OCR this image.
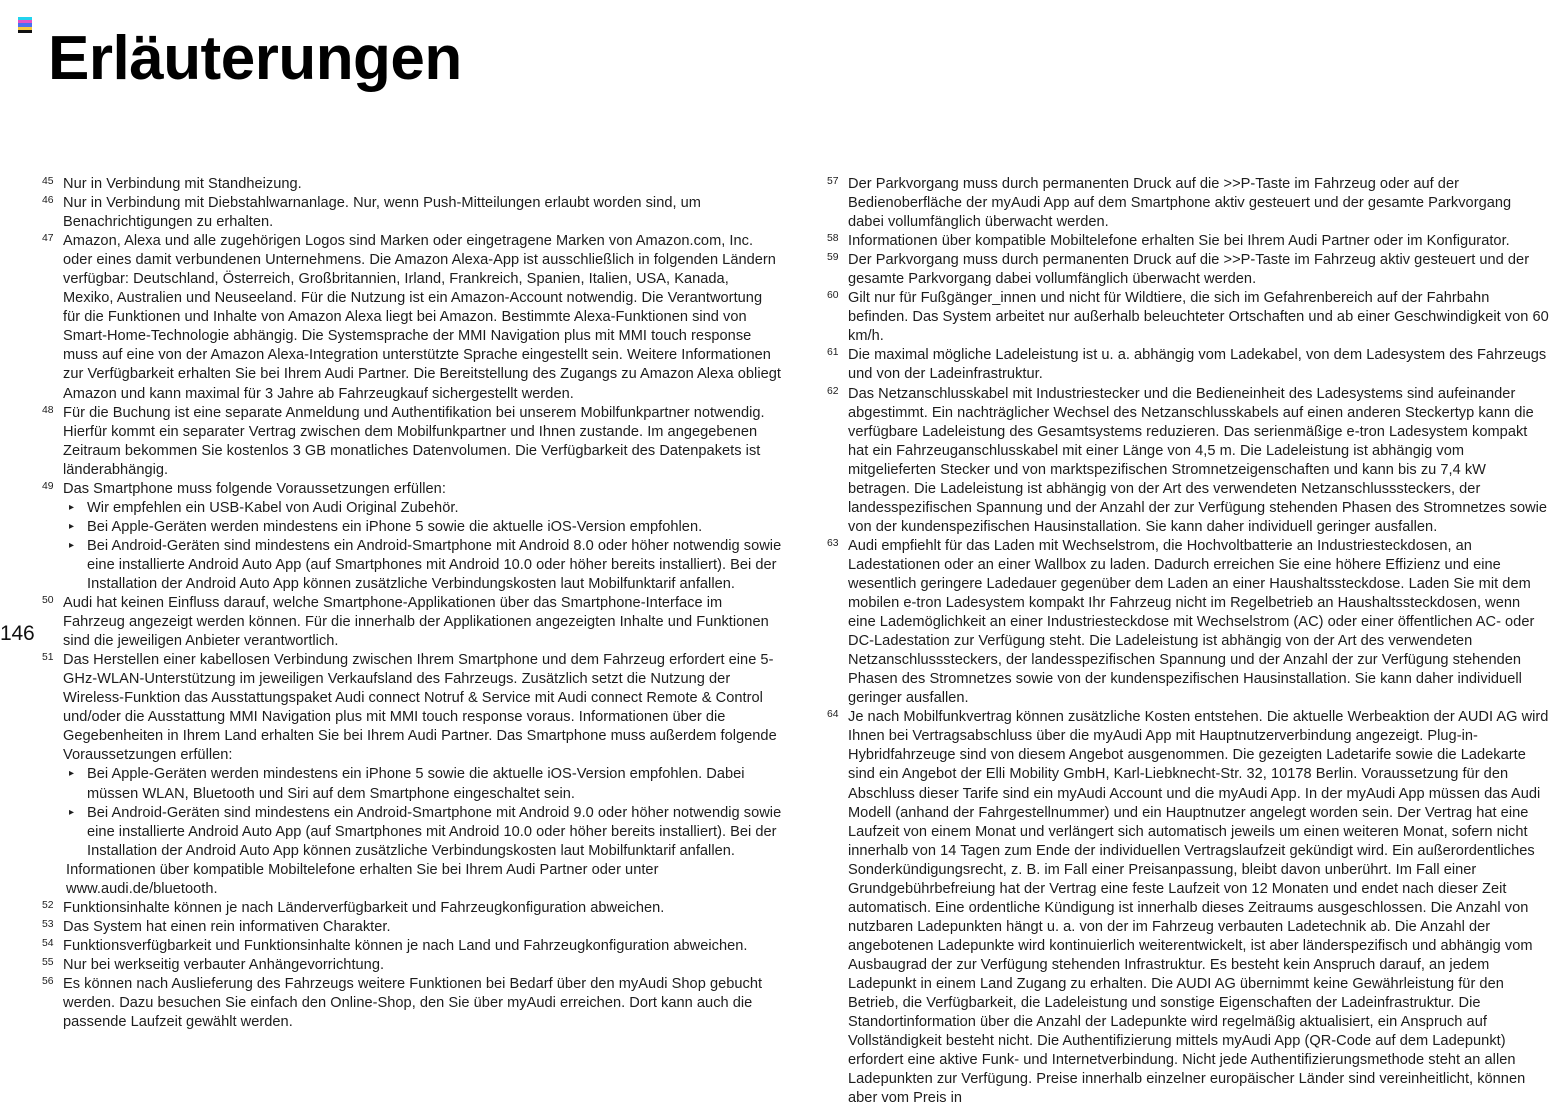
Erläuterungen
146
45 Nur in Verbindung mit Standheizung.
46 Nur in Verbindung mit Diebstahlwarnanlage. Nur, wenn Push-Mitteilungen erlaubt worden sind, um Benachrichtigungen zu erhalten.
47 Amazon, Alexa und alle zugehörigen Logos sind Marken oder eingetragene Marken von Amazon.com, Inc. oder eines damit verbundenen Unternehmens. Die Amazon Alexa-App ist ausschließlich in folgenden Ländern verfügbar: Deutschland, Österreich, Großbritannien, Irland, Frankreich, Spanien, Italien, USA, Kanada, Mexiko, Australien und Neuseeland. Für die Nutzung ist ein Amazon-Account notwendig. Die Verantwortung für die Funktionen und Inhalte von Amazon Alexa liegt bei Amazon. Bestimmte Alexa-Funktionen sind von Smart-Home-Technologie abhängig. Die Systemsprache der MMI Navigation plus mit MMI touch response muss auf eine von der Amazon Alexa-Integration unterstützte Sprache eingestellt sein. Weitere Informationen zur Verfügbarkeit erhalten Sie bei Ihrem Audi Partner. Die Bereitstellung des Zugangs zu Amazon Alexa obliegt Amazon und kann maximal für 3 Jahre ab Fahrzeugkauf sichergestellt werden.
48 Für die Buchung ist eine separate Anmeldung und Authentifikation bei unserem Mobilfunkpartner notwendig. Hierfür kommt ein separater Vertrag zwischen dem Mobilfunkpartner und Ihnen zustande. Im angegebenen Zeitraum bekommen Sie kostenlos 3 GB monatliches Datenvolumen. Die Verfügbarkeit des Datenpakets ist länderabhängig.
49 Das Smartphone muss folgende Voraussetzungen erfüllen:
▸ Wir empfehlen ein USB-Kabel von Audi Original Zubehör.
▸ Bei Apple-Geräten werden mindestens ein iPhone 5 sowie die aktuelle iOS-Version empfohlen.
▸ Bei Android-Geräten sind mindestens ein Android-Smartphone mit Android 8.0 oder höher notwendig sowie eine installierte Android Auto App (auf Smartphones mit Android 10.0 oder höher bereits installiert). Bei der Installation der Android Auto App können zusätzliche Verbindungskosten laut Mobilfunktarif anfallen.
50 Audi hat keinen Einfluss darauf, welche Smartphone-Applikationen über das Smartphone-Interface im Fahrzeug angezeigt werden können. Für die innerhalb der Applikationen angezeigten Inhalte und Funktionen sind die jeweiligen Anbieter verantwortlich.
51 Das Herstellen einer kabellosen Verbindung zwischen Ihrem Smartphone und dem Fahrzeug erfordert eine 5-GHz-WLAN-Unterstützung im jeweiligen Verkaufsland des Fahrzeugs. Zusätzlich setzt die Nutzung der Wireless-Funktion das Ausstattungspaket Audi connect Notruf & Service mit Audi connect Remote & Control und/oder die Ausstattung MMI Navigation plus mit MMI touch response voraus. Informationen über die Gegebenheiten in Ihrem Land erhalten Sie bei Ihrem Audi Partner. Das Smartphone muss außerdem folgende Voraussetzungen erfüllen:
▸ Bei Apple-Geräten werden mindestens ein iPhone 5 sowie die aktuelle iOS-Version empfohlen. Dabei müssen WLAN, Bluetooth und Siri auf dem Smartphone eingeschaltet sein.
▸ Bei Android-Geräten sind mindestens ein Android-Smartphone mit Android 9.0 oder höher notwendig sowie eine installierte Android Auto App (auf Smartphones mit Android 10.0 oder höher bereits installiert). Bei der Installation der Android Auto App können zusätzliche Verbindungskosten laut Mobilfunktarif anfallen.
Informationen über kompatible Mobiltelefone erhalten Sie bei Ihrem Audi Partner oder unter www.audi.de/bluetooth.
52 Funktionsinhalte können je nach Länderverfügbarkeit und Fahrzeugkonfiguration abweichen.
53 Das System hat einen rein informativen Charakter.
54 Funktionsverfügbarkeit und Funktionsinhalte können je nach Land und Fahrzeugkonfiguration abweichen.
55 Nur bei werkseitig verbauter Anhängevorrichtung.
56 Es können nach Auslieferung des Fahrzeugs weitere Funktionen bei Bedarf über den myAudi Shop gebucht werden. Dazu besuchen Sie einfach den Online-Shop, den Sie über myAudi erreichen. Dort kann auch die passende Laufzeit gewählt werden.
57 Der Parkvorgang muss durch permanenten Druck auf die >>P-Taste im Fahrzeug oder auf der Bedienoberfläche der myAudi App auf dem Smartphone aktiv gesteuert und der gesamte Parkvorgang dabei vollumfänglich überwacht werden.
58 Informationen über kompatible Mobiltelefone erhalten Sie bei Ihrem Audi Partner oder im Konfigurator.
59 Der Parkvorgang muss durch permanenten Druck auf die >>P-Taste im Fahrzeug aktiv gesteuert und der gesamte Parkvorgang dabei vollumfänglich überwacht werden.
60 Gilt nur für Fußgänger_innen und nicht für Wildtiere, die sich im Gefahrenbereich auf der Fahrbahn befinden. Das System arbeitet nur außerhalb beleuchteter Ortschaften und ab einer Geschwindigkeit von 60 km/h.
61 Die maximal mögliche Ladeleistung ist u. a. abhängig vom Ladekabel, von dem Ladesystem des Fahrzeugs und von der Ladeinfrastruktur.
62 Das Netzanschlusskabel mit Industriestecker und die Bedieneinheit des Ladesystems sind aufeinander abgestimmt. Ein nachträglicher Wechsel des Netzanschlusskabels auf einen anderen Steckertyp kann die verfügbare Ladeleistung des Gesamtsystems reduzieren. Das serienmäßige e-tron Ladesystem kompakt hat ein Fahrzeuganschlusskabel mit einer Länge von 4,5 m. Die Ladeleistung ist abhängig vom mitgelieferten Stecker und von marktspezifischen Stromnetzeigenschaften und kann bis zu 7,4 kW betragen. Die Ladeleistung ist abhängig von der Art des verwendeten Netzanschlusssteckers, der landesspezifischen Spannung und der Anzahl der zur Verfügung stehenden Phasen des Stromnetzes sowie von der kundenspezifischen Hausinstallation. Sie kann daher individuell geringer ausfallen.
63 Audi empfiehlt für das Laden mit Wechselstrom, die Hochvoltbatterie an Industriesteckdosen, an Ladestationen oder an einer Wallbox zu laden. Dadurch erreichen Sie eine höhere Effizienz und eine wesentlich geringere Ladedauer gegenüber dem Laden an einer Haushaltssteckdose. Laden Sie mit dem mobilen e-tron Ladesystem kompakt Ihr Fahrzeug nicht im Regelbetrieb an Haushaltssteckdosen, wenn eine Lademöglichkeit an einer Industriesteckdose mit Wechselstrom (AC) oder einer öffentlichen AC- oder DC-Ladestation zur Verfügung steht. Die Ladeleistung ist abhängig von der Art des verwendeten Netzanschlusssteckers, der landesspezifischen Spannung und der Anzahl der zur Verfügung stehenden Phasen des Stromnetzes sowie von der kundenspezifischen Hausinstallation. Sie kann daher individuell geringer ausfallen.
64 Je nach Mobilfunkvertrag können zusätzliche Kosten entstehen. Die aktuelle Werbeaktion der AUDI AG wird Ihnen bei Vertragsabschluss über die myAudi App mit Hauptnutzerverbindung angezeigt. Plug-in-Hybridfahrzeuge sind von diesem Angebot ausgenommen. Die gezeigten Ladetarife sowie die Ladekarte sind ein Angebot der Elli Mobility GmbH, Karl-Liebknecht-Str. 32, 10178 Berlin. Voraussetzung für den Abschluss dieser Tarife sind ein myAudi Account und die myAudi App. In der myAudi App müssen das Audi Modell (anhand der Fahrgestellnummer) und ein Hauptnutzer angelegt worden sein. Der Vertrag hat eine Laufzeit von einem Monat und verlängert sich automatisch jeweils um einen weiteren Monat, sofern nicht innerhalb von 14 Tagen zum Ende der individuellen Vertragslaufzeit gekündigt wird. Ein außerordentliches Sonderkündigungsrecht, z. B. im Fall einer Preisanpassung, bleibt davon unberührt. Im Fall einer Grundgebührbefreiung hat der Vertrag eine feste Laufzeit von 12 Monaten und endet nach dieser Zeit automatisch. Eine ordentliche Kündigung ist innerhalb dieses Zeitraums ausgeschlossen. Die Anzahl von nutzbaren Ladepunkten hängt u. a. von der im Fahrzeug verbauten Ladetechnik ab. Die Anzahl der angebotenen Ladepunkte wird kontinuierlich weiterentwickelt, ist aber länderspezifisch und abhängig vom Ausbaugrad der zur Verfügung stehenden Infrastruktur. Es besteht kein Anspruch darauf, an jedem Ladepunkt in einem Land Zugang zu erhalten. Die AUDI AG übernimmt keine Gewährleistung für den Betrieb, die Verfügbarkeit, die Ladeleistung und sonstige Eigenschaften der Ladeinfrastruktur. Die Standortinformation über die Anzahl der Ladepunkte wird regelmäßig aktualisiert, ein Anspruch auf Vollständigkeit besteht nicht. Die Authentifizierung mittels myAudi App (QR-Code auf dem Ladepunkt) erfordert eine aktive Funk- und Internetverbindung. Nicht jede Authentifizierungsmethode steht an allen Ladepunkten zur Verfügung. Preise innerhalb einzelner europäischer Länder sind vereinheitlicht, können aber vom Preis in
